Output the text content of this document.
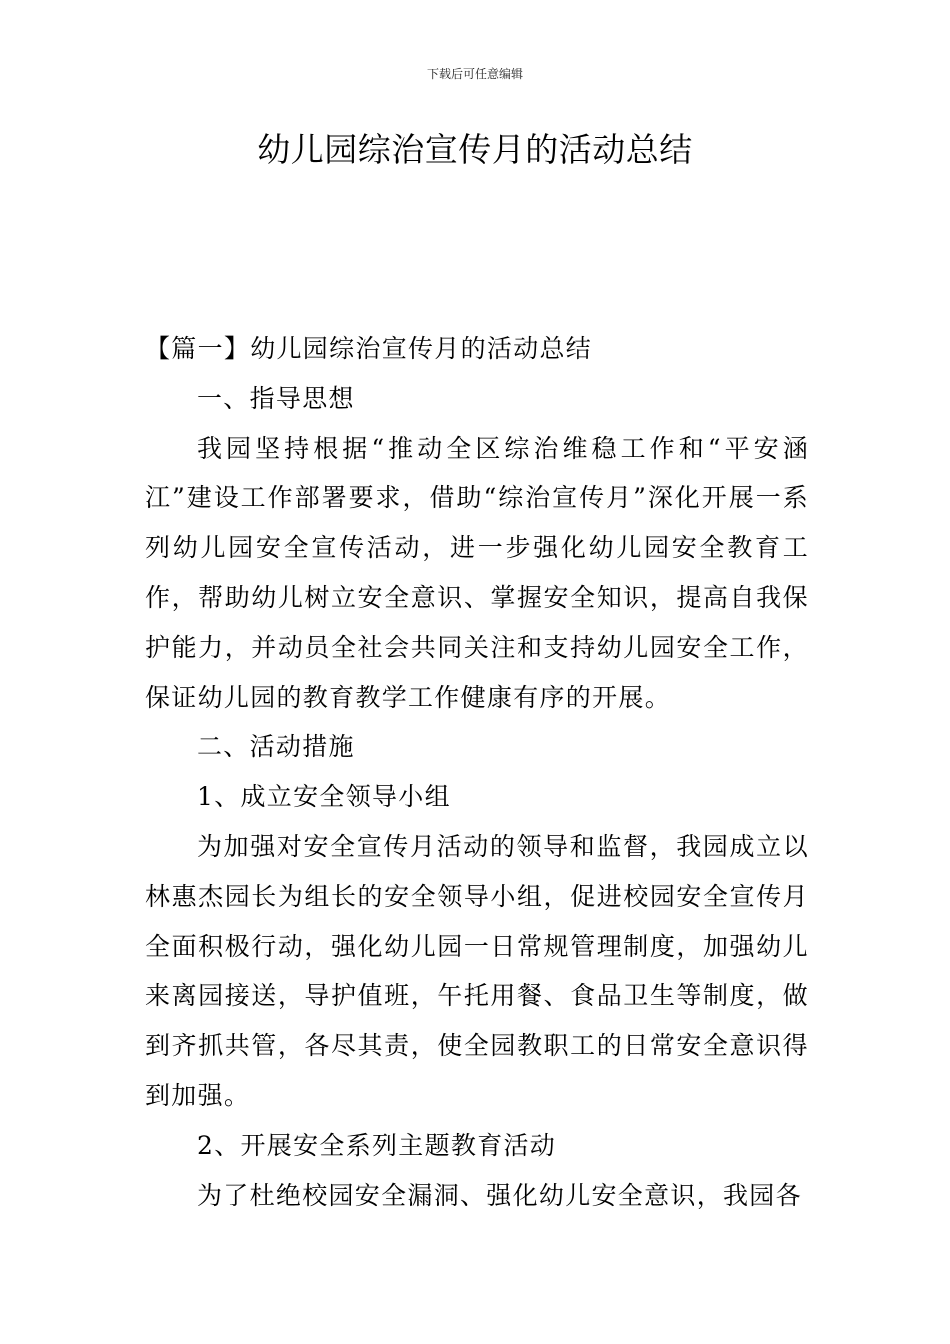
下载后可任意编辑
幼儿园综治宣传月的活动总结

【篇一】幼儿园综治宣传月的活动总结

一、指导思想

我园坚持根据“推动全区综治维稳工作和“平安涵江”建设工作部署要求，借助“综治宣传月”深化开展一系列幼儿园安全宣传活动，进一步强化幼儿园安全教育工作，帮助幼儿树立安全意识、掌握安全知识，提高自我保护能力，并动员全社会共同关注和支持幼儿园安全工作，保证幼儿园的教育教学工作健康有序的开展。

二、活动措施

1、成立安全领导小组

为加强对安全宣传月活动的领导和监督，我园成立以林惠杰园长为组长的安全领导小组，促进校园安全宣传月全面积极行动，强化幼儿园一日常规管理制度，加强幼儿来离园接送，导护值班，午托用餐、食品卫生等制度，做到齐抓共管，各尽其责，使全园教职工的日常安全意识得到加强。

2、开展安全系列主题教育活动

为了杜绝校园安全漏洞、强化幼儿安全意识，我园各
